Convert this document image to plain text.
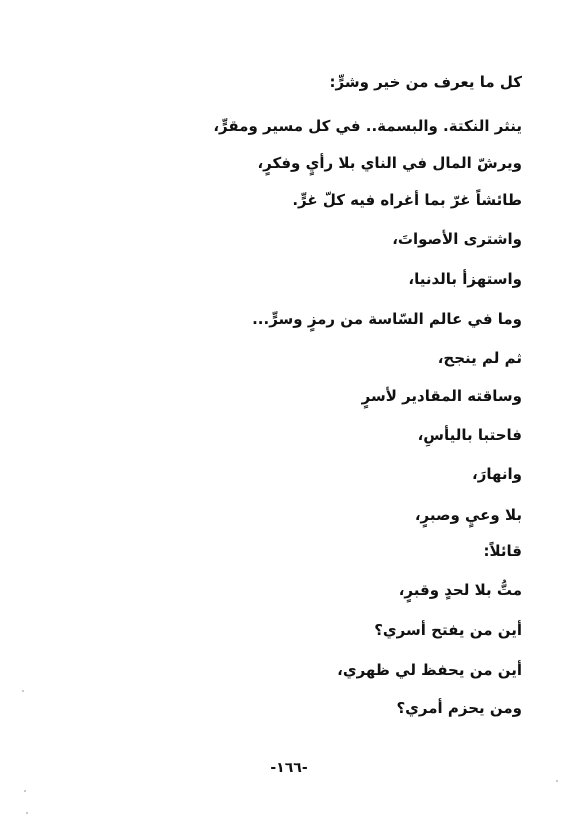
كل ما يعرف من خير وشرٍّ:
ينثر النكتة. والبسمة.. في كل مسير ومقرٍّ،
ويرشّ المال في الناي بلا رأيٍ وفكرٍ،
طائشاً غرّ بما أغراه فيه كلّ غرٍّ.
واشترى الأصواتَ،
واستهزأ بالدنيا،
وما في عالم السّاسة من رمزٍ وسرٍّ...
ثم لم ينجح،
وساقته المقادير لأسرٍ
فاحتبا باليأسِ،
وانهارَ،
بلا وعيٍ وصبرٍ،
قائلاً:
متُّ بلا لحدٍ وقبرٍ،
أين من يفتح أسري؟
أين من يحفظ لي ظهري،
ومن يحزم أمري؟
-١٦٦-
